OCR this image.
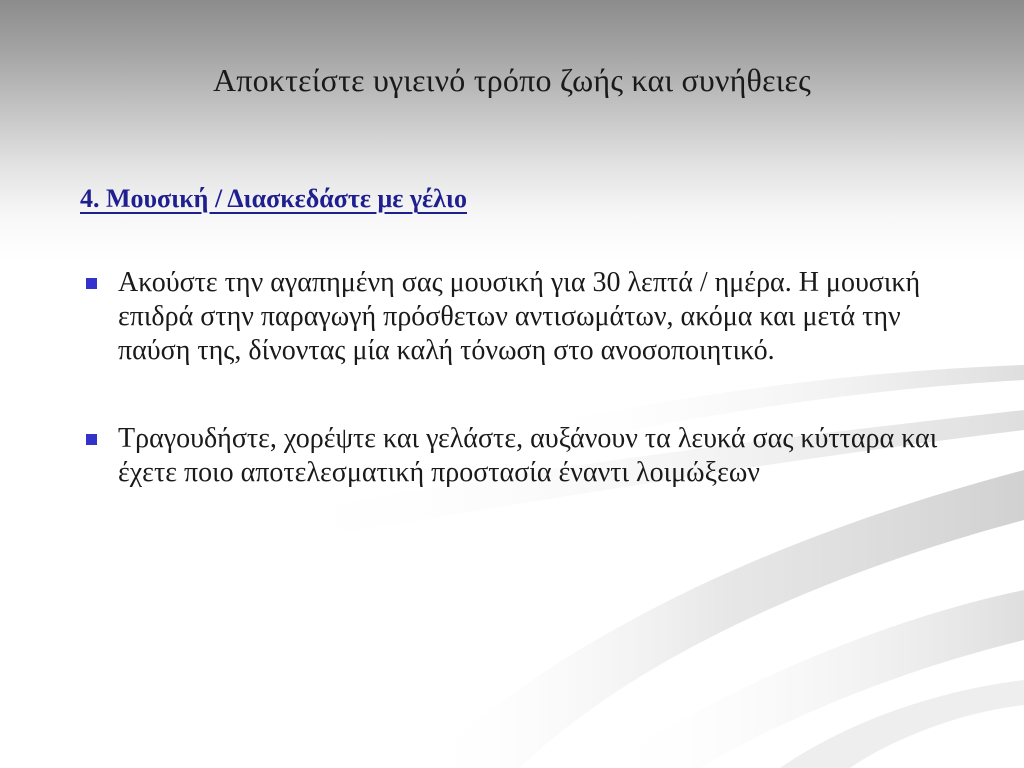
Αποκτείστε υγιεινό τρόπο ζωής και συνήθειες
4. Μουσική / Διασκεδάστε με γέλιο
Ακούστε την αγαπημένη σας μουσική για 30 λεπτά / ημέρα. Η μουσική επιδρά στην παραγωγή πρόσθετων αντισωμάτων, ακόμα και μετά την παύση της, δίνοντας μία καλή τόνωση στο ανοσοποιητικό.
Τραγουδήστε, χορέψτε και γελάστε, αυξάνουν τα λευκά σας κύτταρα και έχετε ποιο αποτελεσματική προστασία έναντι λοιμώξεων
